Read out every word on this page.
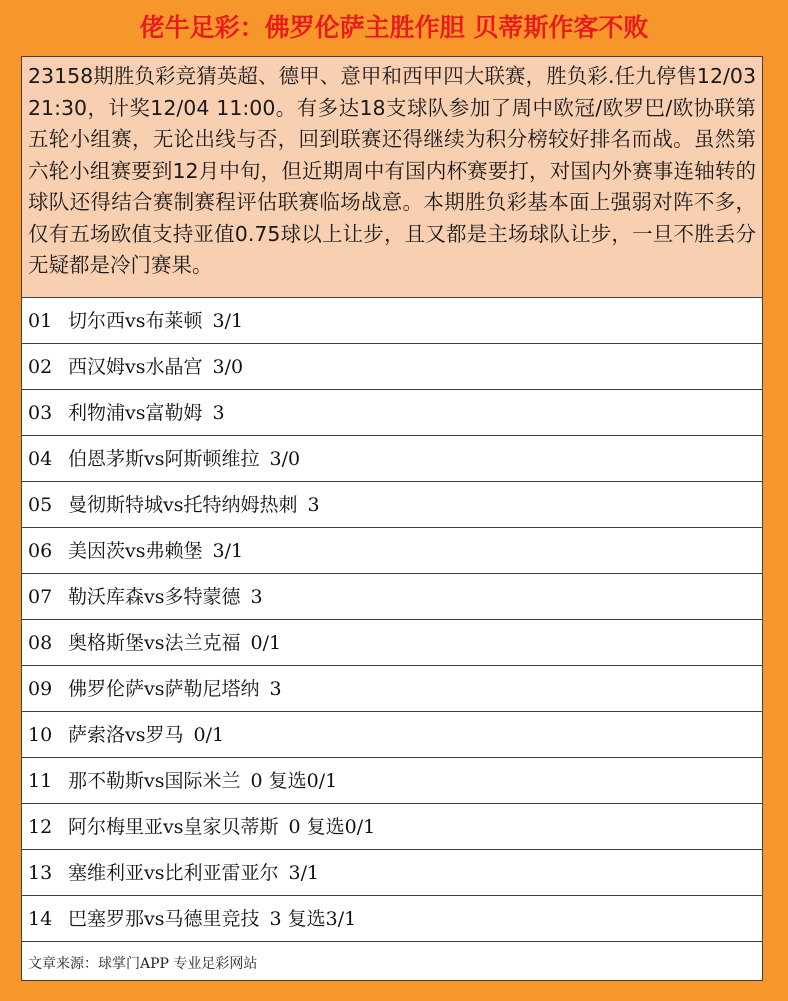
佬牛足彩：佛罗伦萨主胜作胆 贝蒂斯作客不败
23158期胜负彩竞猜英超、德甲、意甲和西甲四大联赛，胜负彩.任九停售12/03 21:30，计奖12/04 11:00。有多达18支球队参加了周中欧冠/欧罗巴/欧协联第五轮小组赛，无论出线与否，回到联赛还得继续为积分榜较好排名而战。虽然第六轮小组赛要到12月中旬，但近期周中有国内杯赛要打，对国内外赛事连轴转的球队还得结合赛制赛程评估联赛临场战意。本期胜负彩基本面上强弱对阵不多，仅有五场欧值支持亚值0.75球以上让步，且又都是主场球队让步，一旦不胜丢分无疑都是冷门赛果。
01 切尔西vs布莱顿 3/1
02 西汉姆vs水晶宫 3/0
03 利物浦vs富勒姆 3
04 伯恩茅斯vs阿斯顿维拉 3/0
05 曼彻斯特城vs托特纳姆热刺 3
06 美因茨vs弗赖堡 3/1
07 勒沃库森vs多特蒙德 3
08 奥格斯堡vs法兰克福 0/1
09 佛罗伦萨vs萨勒尼塔纳 3
10 萨索洛vs罗马 0/1
11 那不勒斯vs国际米兰 0 复选0/1
12 阿尔梅里亚vs皇家贝蒂斯 0 复选0/1
13 塞维利亚vs比利亚雷亚尔 3/1
14 巴塞罗那vs马德里竞技 3 复选3/1
文章来源：球掌门APP 专业足彩网站
